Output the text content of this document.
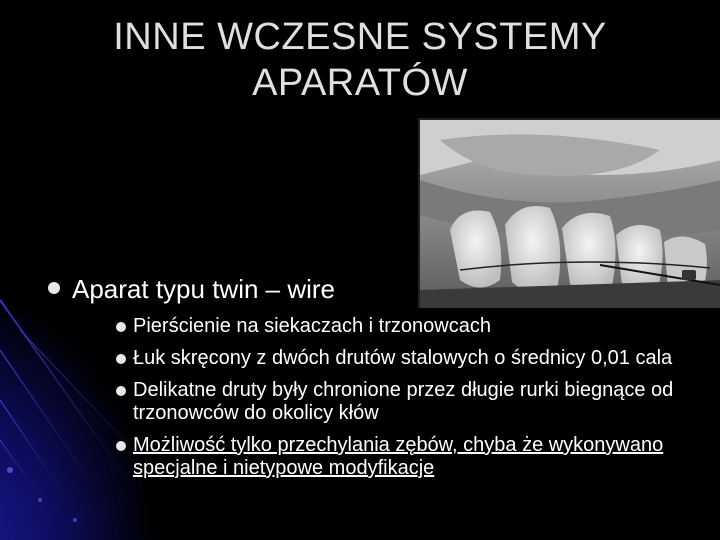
INNE WCZESNE SYSTEMY
APARATÓW
Aparat typu twin – wire
Pierścienie na siekaczach i trzonowcach
Łuk skręcony z dwóch drutów stalowych o średnicy 0,01 cala
Delikatne druty były chronione przez długie rurki biegnące od trzonowców do okolicy kłów
Możliwość tylko przechylania zębów, chyba że wykonywano specjalne i nietypowe modyfikacje
